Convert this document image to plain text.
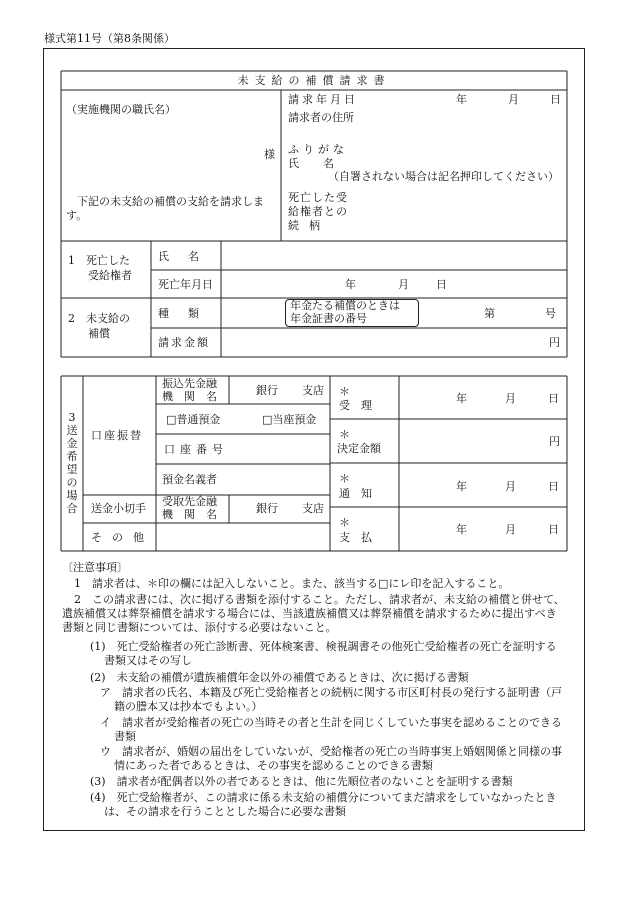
様式第11号（第8条関係）
未支給の補償請求書
（実施機関の職氏名）
様
下記の未支給の補償の支給を請求します。
請求年月日	年	月	日
請求者の住所
ふりがな
氏名
（自署されない場合は記名押印してください）
死亡した受
給権者との
続柄
1　死亡した
受給権者
氏　名
死亡年月日	年	月 日
2　未支給の
補償
種　類
年金たる補償のときは
年金証書の番号	第	号
請求金額	円
3
送
金
希
望
の
場
合
口座振替
振込先金融
機　関　名	銀行 支店
□普通預金	□当座預金
口座番号
預金名義者
送金小切手
受取先金融
機　関　名	銀行 支店
その他
＊
受　理
年	月	日
＊
決定金額
円
＊
通　知
年	月	日
＊
支　払
年	月	日
〔注意事項〕
1　請求者は、＊印の欄には記入しないこと。また、該当する□にレ印を記入すること。
2　この請求書には、次に掲げる書類を添付すること。ただし、請求者が、未支給の補償と併せて、遺族補償又は葬祭補償を請求する場合には、当該遺族補償又は葬祭補償を請求するために提出すべき書類と同じ書類については、添付する必要はないこと。
(1)　死亡受給権者の死亡診断書、死体検案書、検視調書その他死亡受給権者の死亡を証明する書類又はその写し
(2)　未支給の補償が遺族補償年金以外の補償であるときは、次に掲げる書類
ア　請求者の氏名、本籍及び死亡受給権者との続柄に関する市区町村長の発行する証明書（戸籍の謄本又は抄本でもよい。）
イ　請求者が受給権者の死亡の当時その者と生計を同じくしていた事実を認めることのできる書類
ウ　請求者が、婚姻の届出をしていないが、受給権者の死亡の当時事実上婚姻関係と同様の事情にあった者であるときは、その事実を認めることのできる書類
(3)　請求者が配偶者以外の者であるときは、他に先順位者のないことを証明する書類
(4)　死亡受給権者が、この請求に係る未支給の補償分についてまだ請求をしていなかったときは、その請求を行うこととした場合に必要な書類
